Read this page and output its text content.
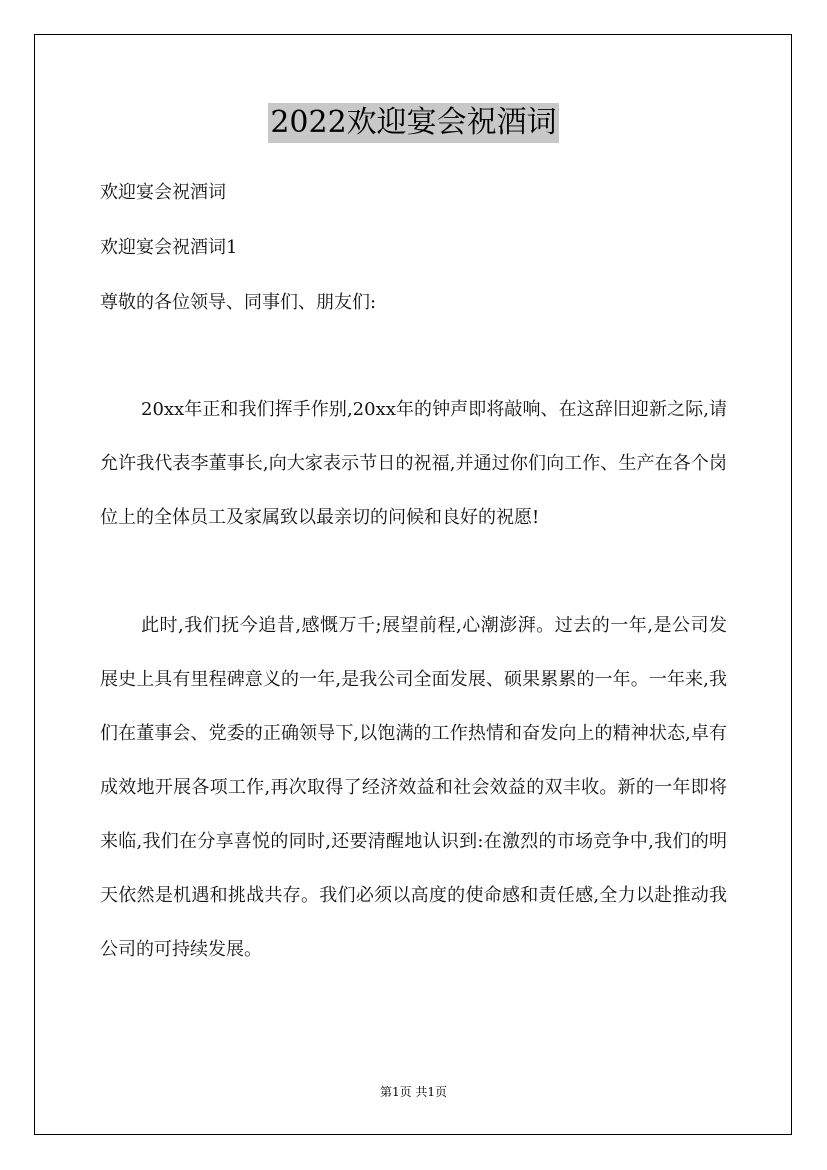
2022欢迎宴会祝酒词
欢迎宴会祝酒词
欢迎宴会祝酒词1
尊敬的各位领导、同事们、朋友们:
20xx年正和我们挥手作别,20xx年的钟声即将敲响、在这辞旧迎新之际,请允许我代表李董事长,向大家表示节日的祝福,并通过你们向工作、生产在各个岗位上的全体员工及家属致以最亲切的问候和良好的祝愿!
此时,我们抚今追昔,感慨万千;展望前程,心潮澎湃。过去的一年,是公司发展史上具有里程碑意义的一年,是我公司全面发展、硕果累累的一年。一年来,我们在董事会、党委的正确领导下,以饱满的工作热情和奋发向上的精神状态,卓有成效地开展各项工作,再次取得了经济效益和社会效益的双丰收。新的一年即将来临,我们在分享喜悦的同时,还要清醒地认识到:在激烈的市场竞争中,我们的明天依然是机遇和挑战共存。我们必须以高度的使命感和责任感,全力以赴推动我公司的可持续发展。
第1页 共1页
